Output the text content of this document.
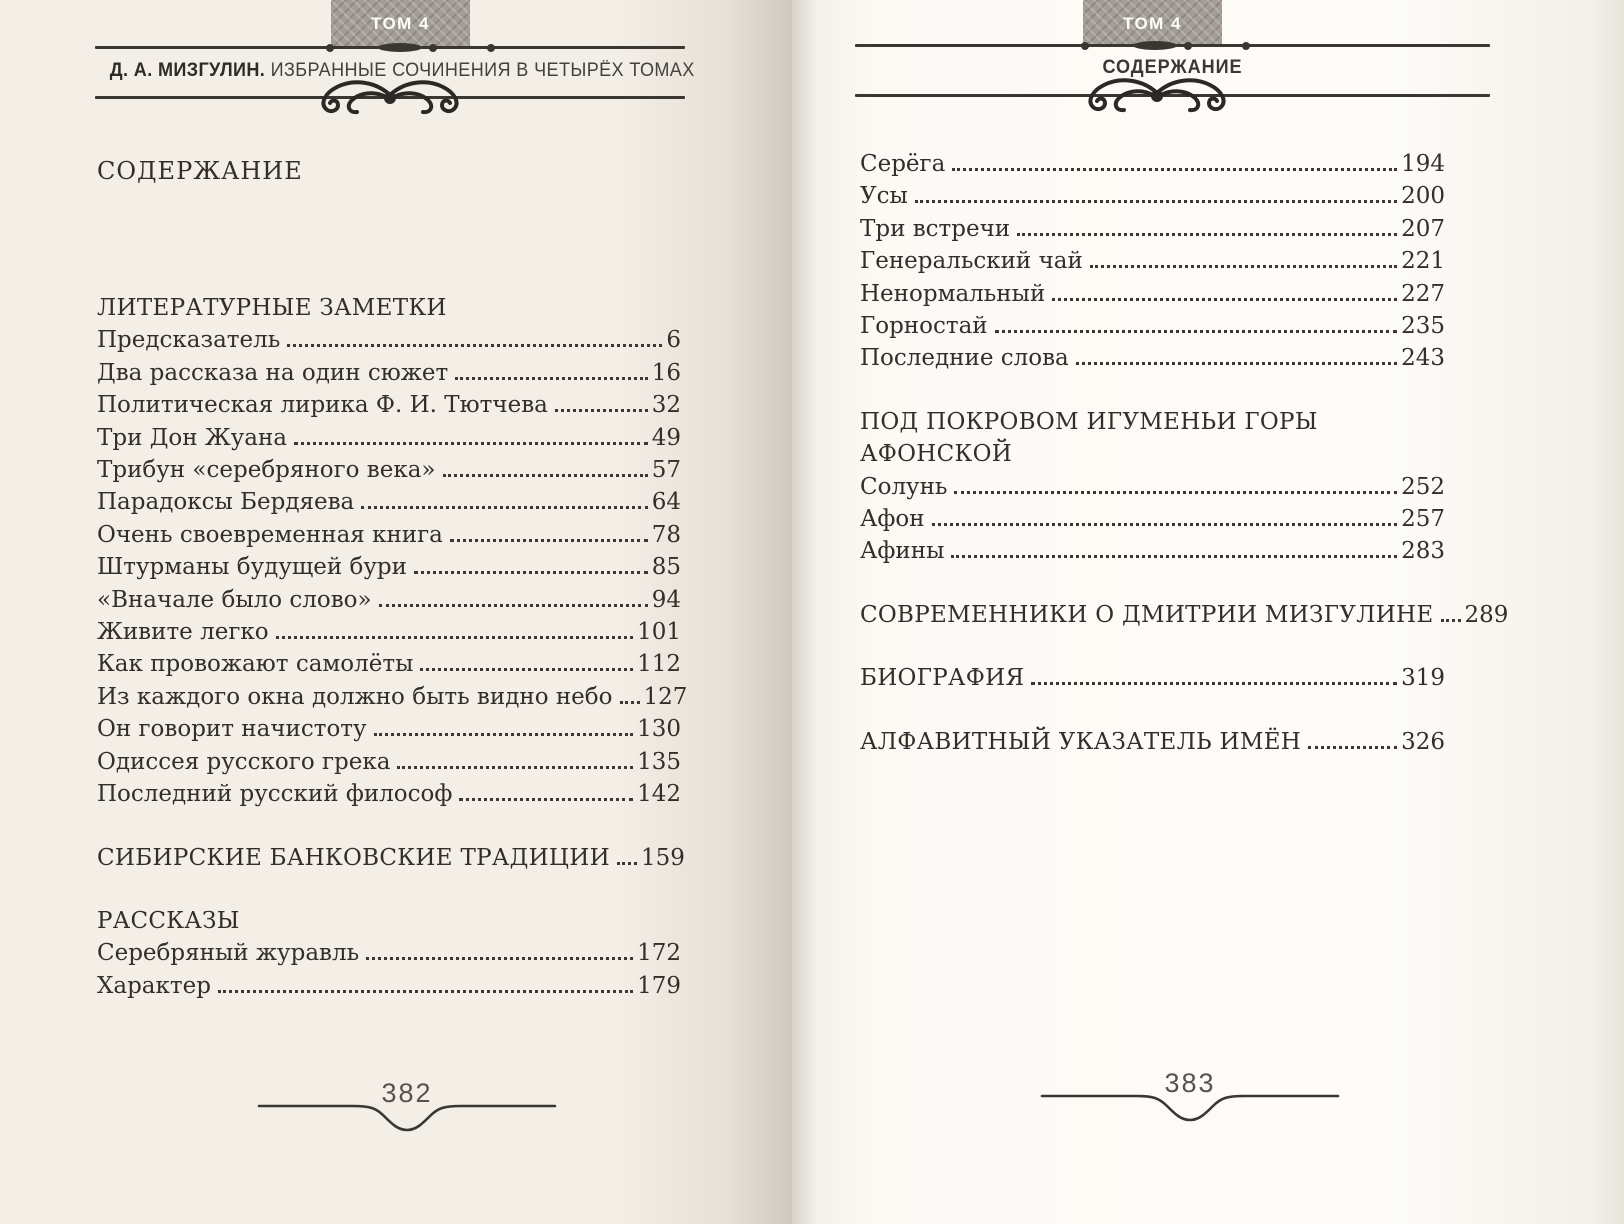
ТОМ 4
Д. А. МИЗГУЛИН. ИЗБРАННЫЕ СОЧИНЕНИЯ В ЧЕТЫРЁХ ТОМАХ
СОДЕРЖАНИЕ
ЛИТЕРАТУРНЫЕ ЗАМЕТКИ
Предсказатель	6
Два рассказа на один сюжет	16
Политическая лирика Ф. И. Тютчева	32
Три Дон Жуана	49
Трибун «серебряного века»	57
Парадоксы Бердяева	64
Очень своевременная книга	78
Штурманы будущей бури	85
«Вначале было слово»	94
Живите легко	101
Как провожают самолёты	112
Из каждого окна должно быть видно небо 127
Он говорит начистоту	130
Одиссея русского грека	135
Последний русский философ	142
СИБИРСКИЕ БАНКОВСКИЕ ТРАДИЦИИ 159
РАССКАЗЫ
Серебряный журавль	172
Характер	179
382
ТОМ 4
СОДЕРЖАНИЕ
Серёга	194
Усы	200
Три встречи	207
Генеральский чай	221
Ненормальный	227
Горностай	235
Последние слова	243
ПОД ПОКРОВОМ ИГУМЕНЬИ ГОРЫ АФОНСКОЙ
Солунь	252
Афон	257
Афины	283
СОВРЕМЕННИКИ О ДМИТРИИ МИЗГУЛИНЕ 289
БИОГРАФИЯ	319
АЛФАВИТНЫЙ УКАЗАТЕЛЬ ИМЁН	326
383
